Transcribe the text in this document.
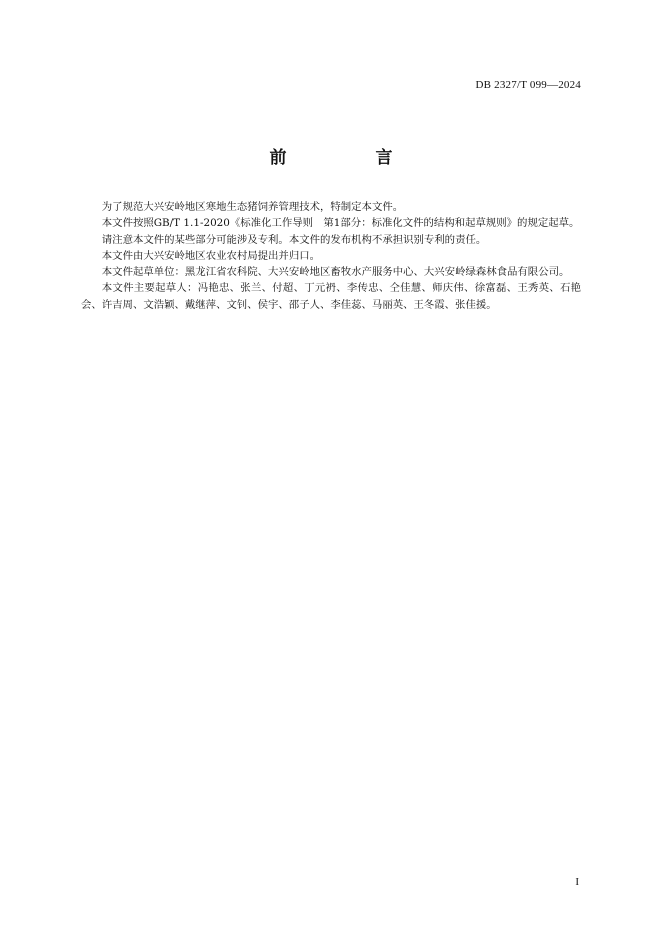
DB 2327/T 099—2024
前　言

为了规范大兴安岭地区寒地生态猪饲养管理技术，特制定本文件。

本文件按照GB/T 1.1-2020《标准化工作导则　第1部分：标准化文件的结构和起草规则》的规定起草。

请注意本文件的某些部分可能涉及专利。本文件的发布机构不承担识别专利的责任。

本文件由大兴安岭地区农业农村局提出并归口。

本文件起草单位：黑龙江省农科院、大兴安岭地区畜牧水产服务中心、大兴安岭绿森林食品有限公司。

本文件主要起草人：冯艳忠、张兰、付超、丁元袇、李传忠、仝佳慧、师庆伟、徐富磊、王秀英、石艳会、许吉周、文浩颖、戴继萍、文钊、侯宇、邵子人、李佳蕊、马丽英、王冬霞、张佳援。

I
